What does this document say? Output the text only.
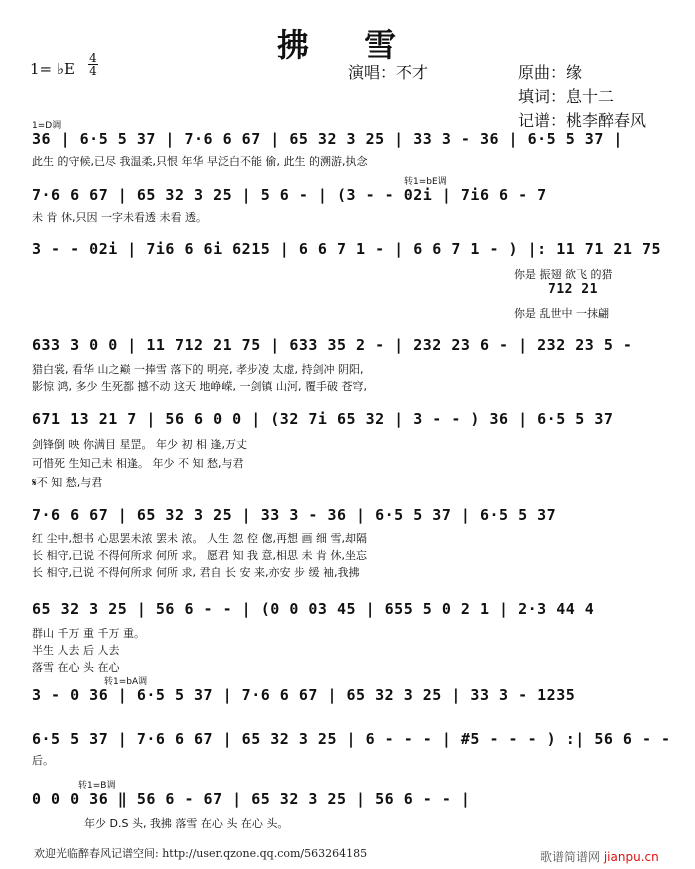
拂 雪
1= ♭E
4
4	演唱：不才	原曲：缘
填词：息十二
记谱：桃李醉春风
1=D调
36 | 6·5 5 37 | 7·6 6 67 | 65 32 3 25 | 33 3 - 36 | 6·5 5 37 |
此生 的守候,已尽 我温柔,只恨 年华 早泛白不能 偷, 此生 的溯游,执念
转1=bE调
7·6 6 67 | 65 32 3 25 | 5 6 - | (3 - - 02i | 7i6 6 - 7
未 肯 休,只因 一字未看透 未看 透。
3 - - 02i | 7i6 6 6i 6215 | 6 6 7 1 - | 6 6 7 1 - ) |: 11 71 21 75
你是 振翅 欲飞 的猎
712 21
你是 乱世中 一抹翩
633 3 0 0 | 11 712 21 75 | 633 35 2 - | 232 23 6 - | 232 23 5 -
猎白裳, 看华 山之巅 一捧雪 落下的 明亮, 孝步凌 太虚, 持剑冲 阴阳,
影惊 鸿, 多少 生死都 撼不动 这天 地峥嵘, 一剑镇 山河, 覆手破 苍穹,
671 13 21 7 | 56 6 0 0 | (32 7i 65 32 | 3 - - ) 36 | 6·5 5 37
剑锋倒 映 你满目 星罡。 年少 初 相 逢,万丈
可惜死 生知己未 相逢。 年少 不 知 愁,与君
𝄋不 知 愁,与君
7·6 6 67 | 65 32 3 25 | 33 3 - 36 | 6·5 5 37 | 6·5 5 37
红 尘中,想书 心思罢未浓 罢未 浓。 人生 忽 倥 偬,再想 画 细 雪,却隔
长 相守,已说 不得何所求 何所 求。 愿君 知 我 意,相思 未 肯 休,坐忘
长 相守,已说 不得何所求 何所 求, 君自 长 安 来,亦安 步 缓 袖,我拂
65 32 3 25 | 56 6 - - | (0 0 03 45 | 655 5 0 2 1 | 2·3 44 4
群山 千万 重 千万 重。
半生 人去 后 人去
落雪 在心 头 在心
转1=bA调
3 - 0 36 | 6·5 5 37 | 7·6 6 67 | 65 32 3 25 | 33 3 - 1235
6·5 5 37 | 7·6 6 67 | 65 32 3 25 | 6 - - - | #5 - - - ) :| 56 6 - -
后。
转1=B调
0 0 0 36 ‖ 56 6 - 67 | 65 32 3 25 | 56 6 - - |
年少 D.S 头, 我拂 落雪 在心 头 在心 头。
欢迎光临醉春风记谱空间: http://user.qzone.qq.com/563264185	歌谱简谱网 jianpu.cn
